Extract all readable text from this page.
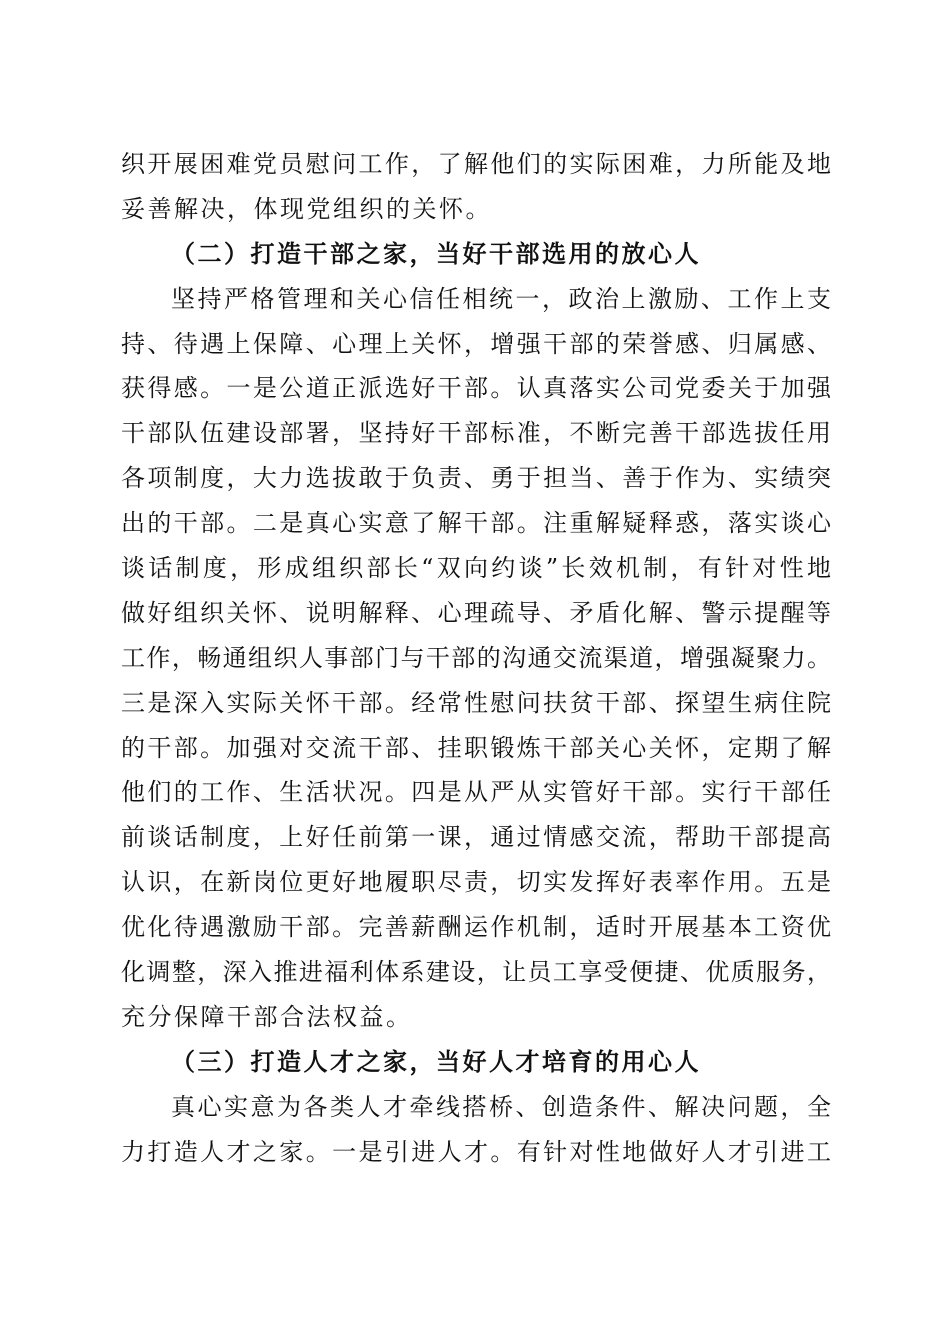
织开展困难党员慰问工作，了解他们的实际困难，力所能及地
妥善解决，体现党组织的关怀。
（二）打造干部之家，当好干部选用的放心人
坚持严格管理和关心信任相统一，政治上激励、工作上支
持、待遇上保障、心理上关怀，增强干部的荣誉感、归属感、
获得感。一是公道正派选好干部。认真落实公司党委关于加强
干部队伍建设部署，坚持好干部标准，不断完善干部选拔任用
各项制度，大力选拔敢于负责、勇于担当、善于作为、实绩突
出的干部。二是真心实意了解干部。注重解疑释惑，落实谈心
谈话制度，形成组织部长“双向约谈”长效机制，有针对性地
做好组织关怀、说明解释、心理疏导、矛盾化解、警示提醒等
工作，畅通组织人事部门与干部的沟通交流渠道，增强凝聚力。
三是深入实际关怀干部。经常性慰问扶贫干部、探望生病住院
的干部。加强对交流干部、挂职锻炼干部关心关怀，定期了解
他们的工作、生活状况。四是从严从实管好干部。实行干部任
前谈话制度，上好任前第一课，通过情感交流，帮助干部提高
认识，在新岗位更好地履职尽责，切实发挥好表率作用。五是
优化待遇激励干部。完善薪酬运作机制，适时开展基本工资优
化调整，深入推进福利体系建设，让员工享受便捷、优质服务，
充分保障干部合法权益。
（三）打造人才之家，当好人才培育的用心人
真心实意为各类人才牵线搭桥、创造条件、解决问题，全
力打造人才之家。一是引进人才。有针对性地做好人才引进工
